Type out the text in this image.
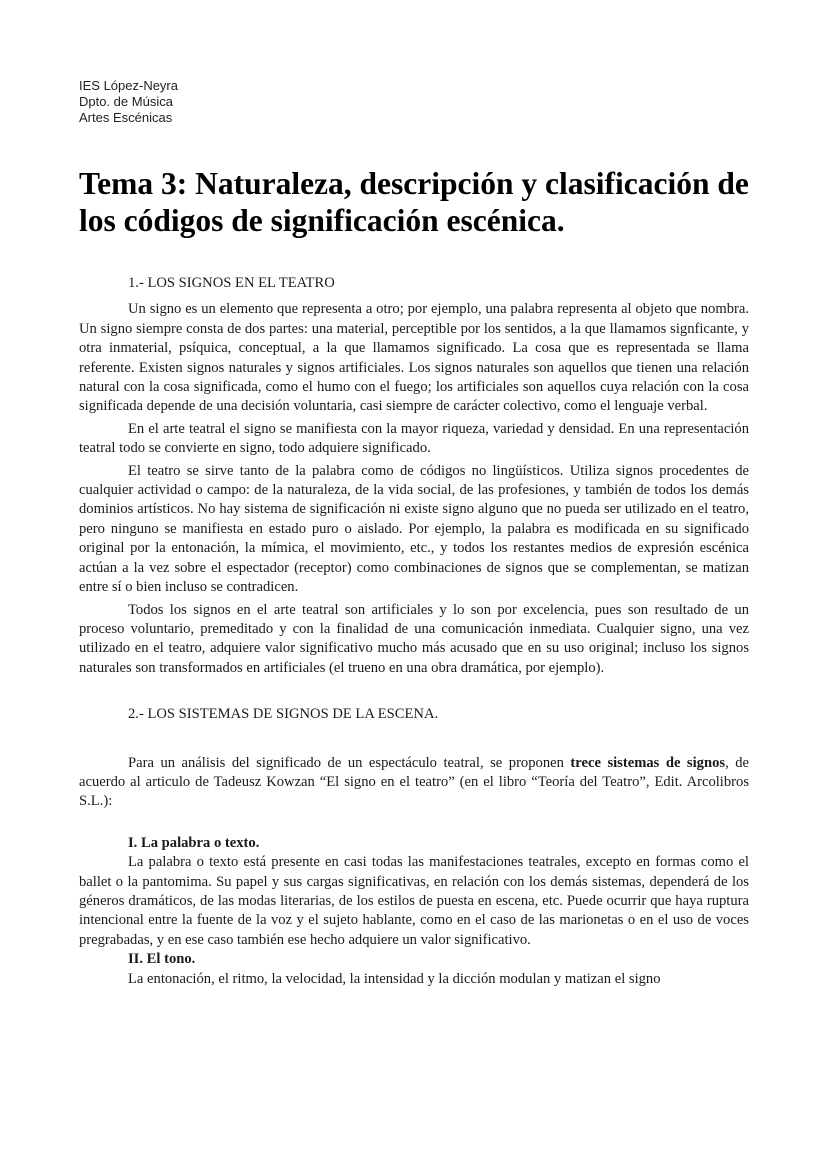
IES López-Neyra
Dpto. de Música
Artes Escénicas
Tema 3: Naturaleza, descripción y clasificación de los códigos de significación escénica.
1.- LOS SIGNOS EN EL TEATRO

Un signo es un elemento que representa a otro; por ejemplo, una palabra representa al objeto que nombra. Un signo siempre consta de dos partes: una material, perceptible por los sentidos, a la que llamamos signficante, y otra inmaterial, psíquica, conceptual, a la que llamamos significado. La cosa que es representada se llama referente. Existen signos naturales y signos artificiales. Los signos naturales son aquellos que tienen una relación natural con la cosa significada, como el humo con el fuego; los artificiales son aquellos cuya relación con la cosa significada depende de una decisión voluntaria, casi siempre de carácter colectivo, como el lenguaje verbal.

En el arte teatral el signo se manifiesta con la mayor riqueza, variedad y densidad. En una representación teatral todo se convierte en signo, todo adquiere significado.

El teatro se sirve tanto de la palabra como de códigos no lingüísticos. Utiliza signos procedentes de cualquier actividad o campo: de la naturaleza, de la vida social, de las profesiones, y también de todos los demás dominios artísticos. No hay sistema de significación ni existe signo alguno que no pueda ser utilizado en el teatro, pero ninguno se manifiesta en estado puro o aislado. Por ejemplo, la palabra es modificada en su significado original por la entonación, la mímica, el movimiento, etc., y todos los restantes medios de expresión escénica actúan a la vez sobre el espectador (receptor) como combinaciones de signos que se complementan, se matizan entre sí o bien incluso se contradicen.

Todos los signos en el arte teatral son artificiales y lo son por excelencia, pues son resultado de un proceso voluntario, premeditado y con la finalidad de una comunicación inmediata. Cualquier signo, una vez utilizado en el teatro, adquiere valor significativo mucho más acusado que en su uso original; incluso los signos naturales son transformados en artificiales (el trueno en una obra dramática, por ejemplo).

2.- LOS SISTEMAS DE SIGNOS DE LA ESCENA.

Para un análisis del significado de un espectáculo teatral, se proponen trece sistemas de signos, de acuerdo al articulo de Tadeusz Kowzan “El signo en el teatro” (en el libro “Teoría del Teatro”, Edit. Arcolibros S.L.):

I. La palabra o texto.

La palabra o texto está presente en casi todas las manifestaciones teatrales, excepto en formas como el ballet o la pantomima. Su papel y sus cargas significativas, en relación con los demás sistemas, dependerá de los géneros dramáticos, de las modas literarias, de los estilos de puesta en escena, etc. Puede ocurrir que haya ruptura intencional entre la fuente de la voz y el sujeto hablante, como en el caso de las marionetas o en el uso de voces pregrabadas, y en ese caso también ese hecho adquiere un valor significativo.

II. El tono.

La entonación, el ritmo, la velocidad, la intensidad y la dicción modulan y matizan el signo
